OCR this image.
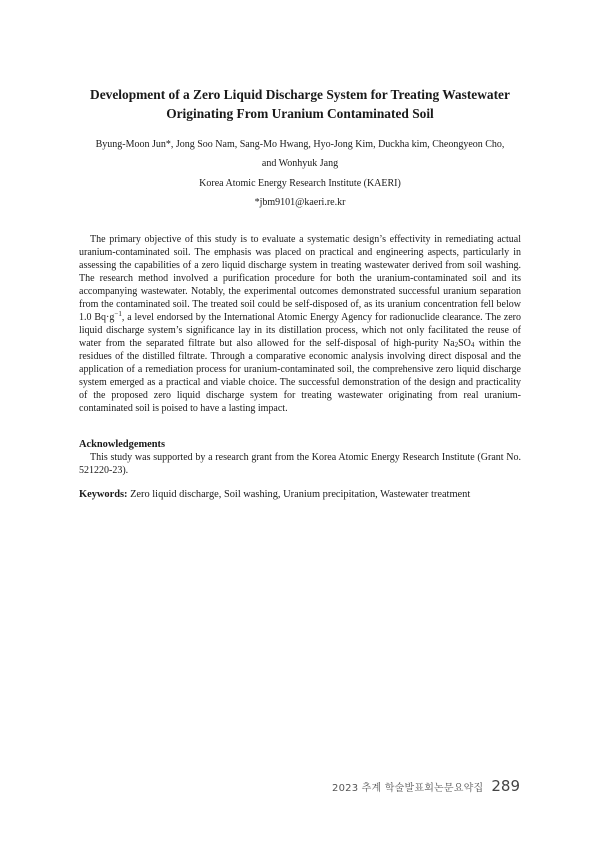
Development of a Zero Liquid Discharge System for Treating Wastewater
Originating From Uranium Contaminated Soil

Byung-Moon Jun*, Jong Soo Nam, Sang-Mo Hwang, Hyo-Jong Kim, Duckha kim, Cheongyeon Cho,

and Wonhyuk Jang

Korea Atomic Energy Research Institute (KAERI)

*jbm9101@kaeri.re.kr

The primary objective of this study is to evaluate a systematic design’s effectivity in remediating actual uranium-contaminated soil. The emphasis was placed on practical and engineering aspects, particularly in assessing the capabilities of a zero liquid discharge system in treating wastewater derived from soil washing. The research method involved a purification procedure for both the uranium-contaminated soil and its accompanying wastewater. Notably, the experimental outcomes demonstrated successful uranium separation from the contaminated soil. The treated soil could be self-disposed of, as its uranium concentration fell below 1.0 $Bq\cdot g^{-1}$, a level endorsed by the International Atomic Energy Agency for radionuclide clearance. The zero liquid discharge system’s significance lay in its distillation process, which not only facilitated the reuse of water from the separated filtrate but also allowed for the self-disposal of high-purity $Na_2SO_4$ within the residues of the distilled filtrate. Through a comparative economic analysis involving direct disposal and the application of a remediation process for uranium-contaminated soil, the comprehensive zero liquid discharge system emerged as a practical and viable choice. The successful demonstration of the design and practicality of the proposed zero liquid discharge system for treating wastewater originating from real uranium-contaminated soil is poised to have a lasting impact.

Acknowledgements

This study was supported by a research grant from the Korea Atomic Energy Research Institute (Grant No. 521220-23).

Keywords: Zero liquid discharge, Soil washing, Uranium precipitation, Wastewater treatment

2023 추계 학술발표회논문요약집 289
